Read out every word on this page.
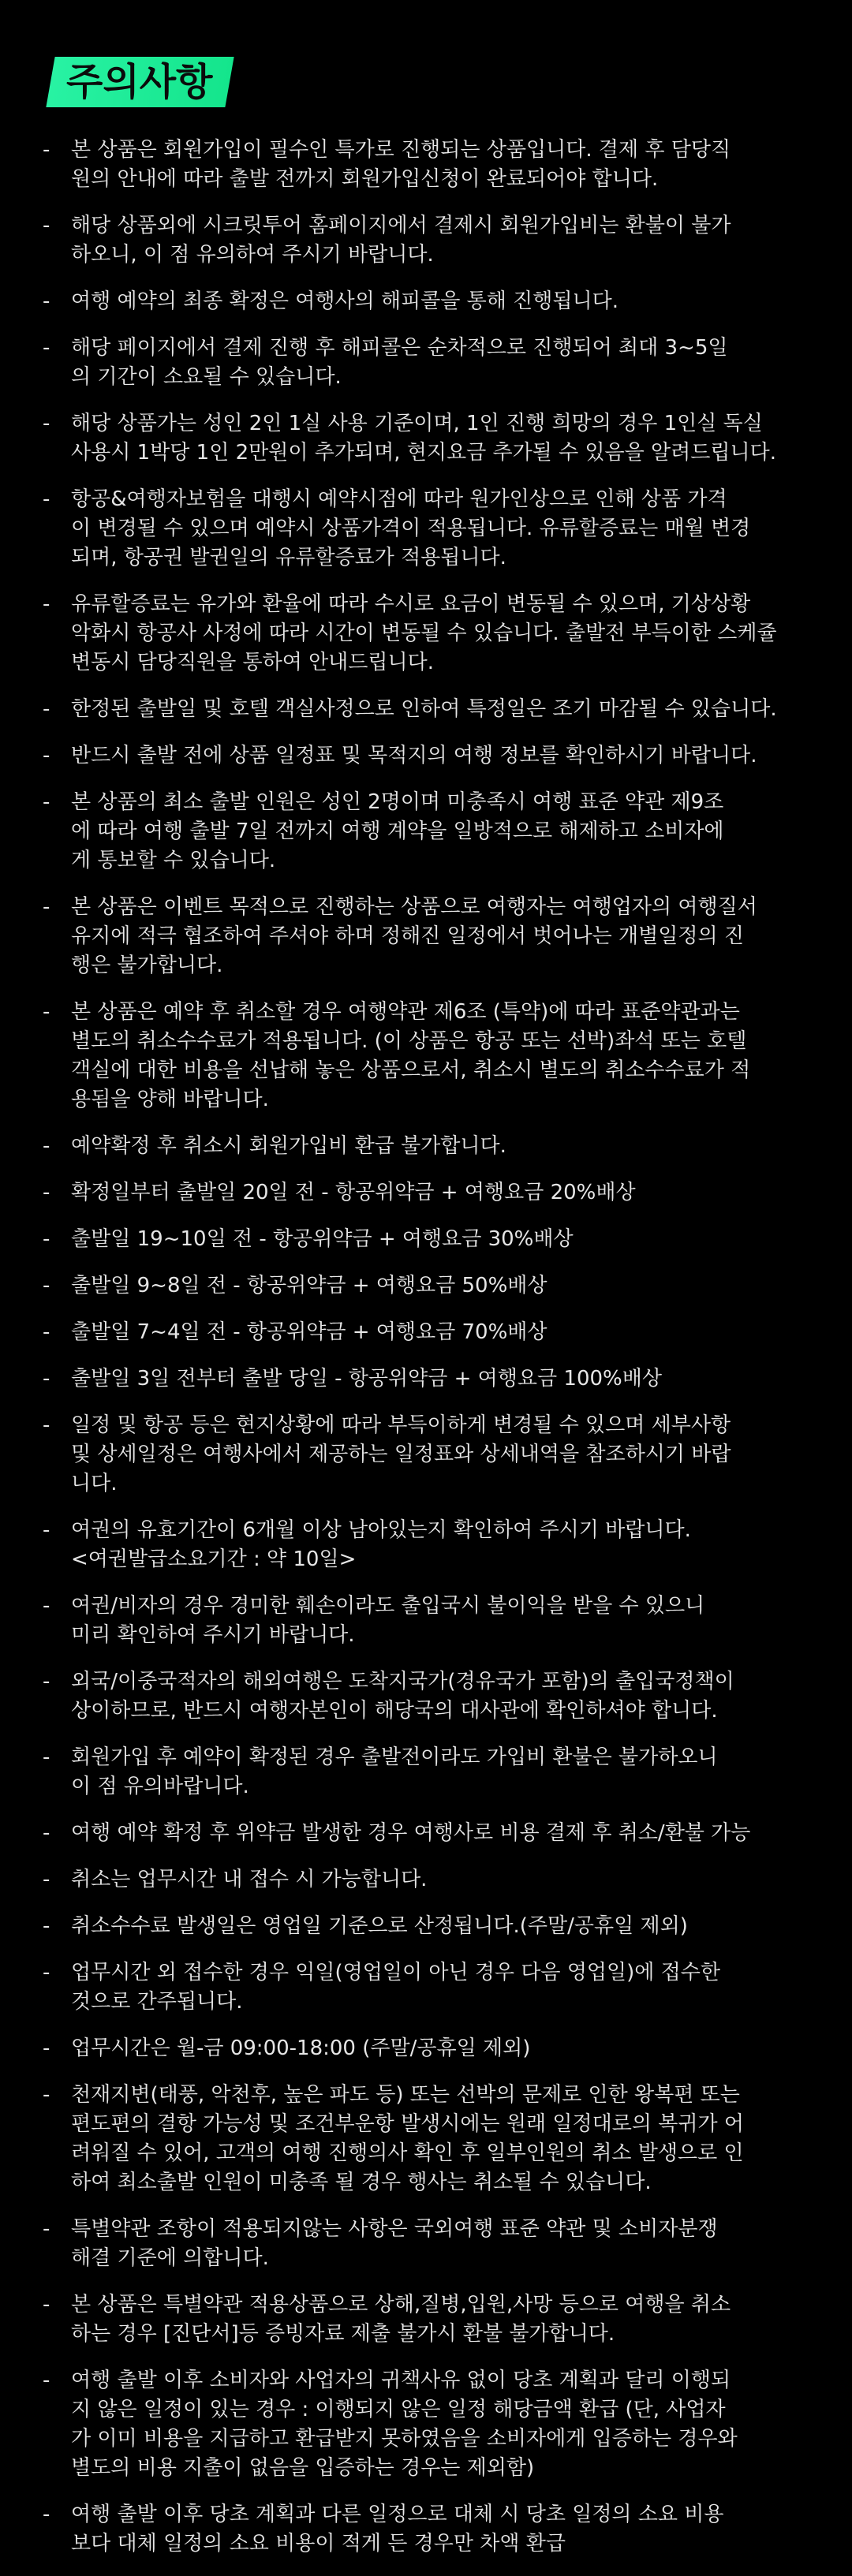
주의사항
- 본 상품은 회원가입이 필수인 특가로 진행되는 상품입니다. 결제 후 담당직
원의 안내에 따라 출발 전까지 회원가입신청이 완료되어야 합니다.
- 해당 상품외에 시크릿투어 홈페이지에서 결제시 회원가입비는 환불이 불가
하오니, 이 점 유의하여 주시기 바랍니다.
- 여행 예약의 최종 확정은 여행사의 해피콜을 통해 진행됩니다.
- 해당 페이지에서 결제 진행 후 해피콜은 순차적으로 진행되어 최대 3~5일
의 기간이 소요될 수 있습니다.
- 해당 상품가는 성인 2인 1실 사용 기준이며, 1인 진행 희망의 경우 1인실 독실
사용시 1박당 1인 2만원이 추가되며, 현지요금 추가될 수 있음을 알려드립니다.
- 항공&여행자보험을 대행시 예약시점에 따라 원가인상으로 인해 상품 가격
이 변경될 수 있으며 예약시 상품가격이 적용됩니다. 유류할증료는 매월 변경
되며, 항공권 발권일의 유류할증료가 적용됩니다.
- 유류할증료는 유가와 환율에 따라 수시로 요금이 변동될 수 있으며, 기상상황
악화시 항공사 사정에 따라 시간이 변동될 수 있습니다. 출발전 부득이한 스케쥴
변동시 담당직원을 통하여 안내드립니다.
- 한정된 출발일 및 호텔 객실사정으로 인하여 특정일은 조기 마감될 수 있습니다.
- 반드시 출발 전에 상품 일정표 및 목적지의 여행 정보를 확인하시기 바랍니다.
- 본 상품의 최소 출발 인원은 성인 2명이며 미충족시 여행 표준 약관 제9조
에 따라 여행 출발 7일 전까지 여행 계약을 일방적으로 해제하고 소비자에
게 통보할 수 있습니다.
- 본 상품은 이벤트 목적으로 진행하는 상품으로 여행자는 여행업자의 여행질서
유지에 적극 협조하여 주셔야 하며 정해진 일정에서 벗어나는 개별일정의 진
행은 불가합니다.
- 본 상품은 예약 후 취소할 경우 여행약관 제6조 (특약)에 따라 표준약관과는
별도의 취소수수료가 적용됩니다. (이 상품은 항공 또는 선박)좌석 또는 호텔
객실에 대한 비용을 선납해 놓은 상품으로서, 취소시 별도의 취소수수료가 적
용됨을 양해 바랍니다.
- 예약확정 후 취소시 회원가입비 환급 불가합니다.
- 확정일부터 출발일 20일 전 - 항공위약금 + 여행요금 20%배상
- 출발일 19~10일 전 - 항공위약금 + 여행요금 30%배상
- 출발일 9~8일 전 - 항공위약금 + 여행요금 50%배상
- 출발일 7~4일 전 - 항공위약금 + 여행요금 70%배상
- 출발일 3일 전부터 출발 당일 - 항공위약금 + 여행요금 100%배상
- 일정 및 항공 등은 현지상황에 따라 부득이하게 변경될 수 있으며 세부사항
및 상세일정은 여행사에서 제공하는 일정표와 상세내역을 참조하시기 바랍
니다.
- 여권의 유효기간이 6개월 이상 남아있는지 확인하여 주시기 바랍니다.
<여권발급소요기간 : 약 10일>
- 여권/비자의 경우 경미한 훼손이라도 출입국시 불이익을 받을 수 있으니
미리 확인하여 주시기 바랍니다.
- 외국/이중국적자의 해외여행은 도착지국가(경유국가 포함)의 출입국정책이
상이하므로, 반드시 여행자본인이 해당국의 대사관에 확인하셔야 합니다.
- 회원가입 후 예약이 확정된 경우 출발전이라도 가입비 환불은 불가하오니
이 점 유의바랍니다.
- 여행 예약 확정 후 위약금 발생한 경우 여행사로 비용 결제 후 취소/환불 가능
- 취소는 업무시간 내 접수 시 가능합니다.
- 취소수수료 발생일은 영업일 기준으로 산정됩니다.(주말/공휴일 제외)
- 업무시간 외 접수한 경우 익일(영업일이 아닌 경우 다음 영업일)에 접수한
것으로 간주됩니다.
- 업무시간은 월-금 09:00-18:00 (주말/공휴일 제외)
- 천재지변(태풍, 악천후, 높은 파도 등) 또는 선박의 문제로 인한 왕복편 또는
편도편의 결항 가능성 및 조건부운항 발생시에는 원래 일정대로의 복귀가 어
려워질 수 있어, 고객의 여행 진행의사 확인 후 일부인원의 취소 발생으로 인
하여 최소출발 인원이 미충족 될 경우 행사는 취소될 수 있습니다.
- 특별약관 조항이 적용되지않는 사항은 국외여행 표준 약관 및 소비자분쟁
해결 기준에 의합니다.
- 본 상품은 특별약관 적용상품으로 상해,질병,입원,사망 등으로 여행을 취소
하는 경우 [진단서]등 증빙자료 제출 불가시 환불 불가합니다.
- 여행 출발 이후 소비자와 사업자의 귀책사유 없이 당초 계획과 달리 이행되
지 않은 일정이 있는 경우 : 이행되지 않은 일정 해당금액 환급 (단, 사업자
가 이미 비용을 지급하고 환급받지 못하였음을 소비자에게 입증하는 경우와
별도의 비용 지출이 없음을 입증하는 경우는 제외함)
- 여행 출발 이후 당초 계획과 다른 일정으로 대체 시 당초 일정의 소요 비용
보다 대체 일정의 소요 비용이 적게 든 경우만 차액 환급
